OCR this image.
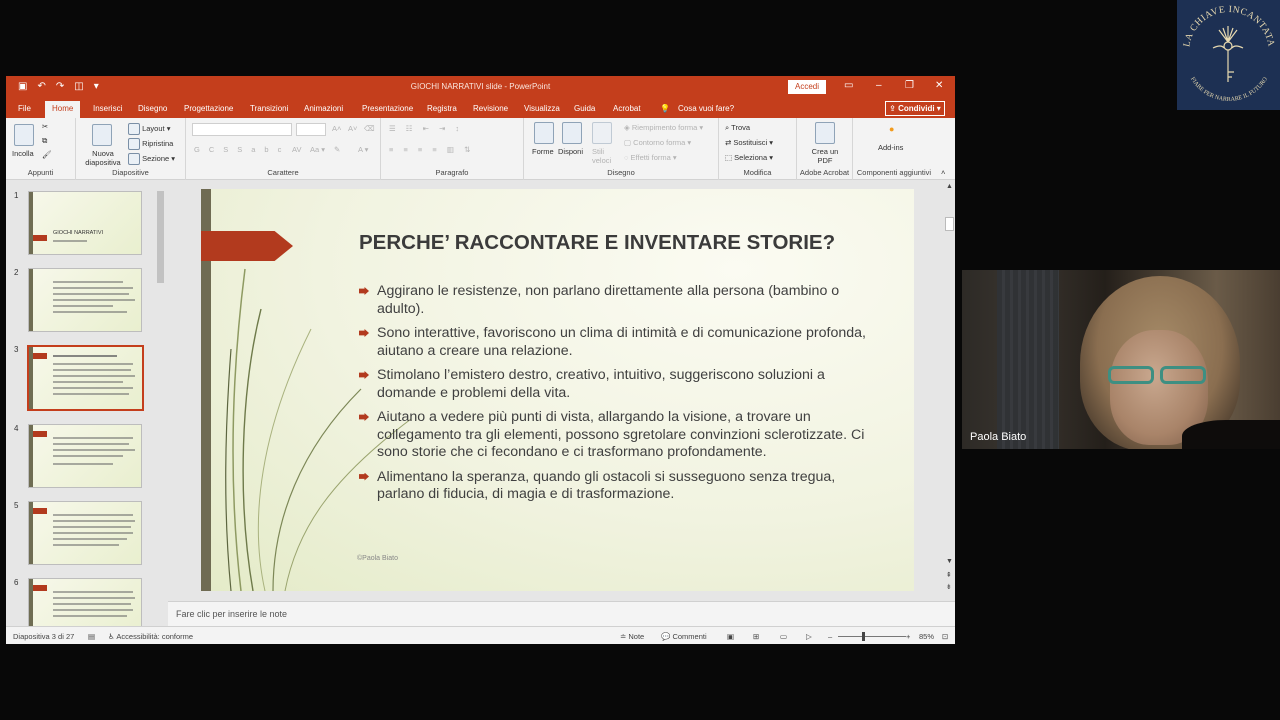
▣ ↶ ↷ ◫ ▾	GIOCHI NARRATIVI slide - PowerPoint	Accedi	▭ – ❐ ✕
File	Home	Inserisci Disegno Progettazione Transizioni Animazioni Presentazione Registra Revisione Visualizza Guida Acrobat 💡 Cosa vuoi fare?	⇪ Condividi ▾
Incolla
✂
⧉
🖌
Appunti
Nuova diapositiva
Layout ▾
Ripristina
Sezione ▾
Diapositive
A˄ A˅ ⌫
GCSSabc AV Aa ▾ ✎ A ▾
Carattere
☰ ☷ ⇤ ⇥ ↕
≡ ≡ ≡ ≡ ▥ ⇅
Paragrafo
Forme Disponi Stili veloci
◈ Riempimento forma ▾
▢ Contorno forma ▾
◌ Effetti forma ▾
Disegno
⌕ Trova
⇄ Sostituisci ▾
⬚ Seleziona ▾
Modifica
Crea un PDF
Adobe Acrobat
●
Add-ins
Componenti aggiuntivi	˄
1
GIOCHI NARRATIVI
2
3
4
5
6
PERCHE’ RACCONTARE E INVENTARE STORIE?
Aggirano le resistenze, non parlano direttamente alla persona (bambino o adulto).
Sono interattive, favoriscono un clima di intimità e di comunicazione profonda, aiutano a creare una relazione.
Stimolano l’emistero destro, creativo, intuitivo, suggeriscono soluzioni a domande e problemi della vita.
Aiutano a vedere più punti di vista, allargando la visione, a trovare un collegamento tra gli elementi, possono sgretolare convinzioni sclerotizzate. Ci sono storie che ci fecondano e ci trasformano profondamente.
Alimentano la speranza, quando gli ostacoli si susseguono senza tregua, parlano di fiducia, di magia e di trasformazione.
©Paola Biato
▲
▼
⇞
⇟
Fare clic per inserire le note
Diapositiva 3 di 27 ▤ ♿ Accessibilità: conforme	≐ Note 💬 Commenti	▣	⊞	▭	▷ –	+ 85% ⊡
Paola Biato
LA CHIAVE INCANTATA
FIABE PER NARRARE IL FUTURO
